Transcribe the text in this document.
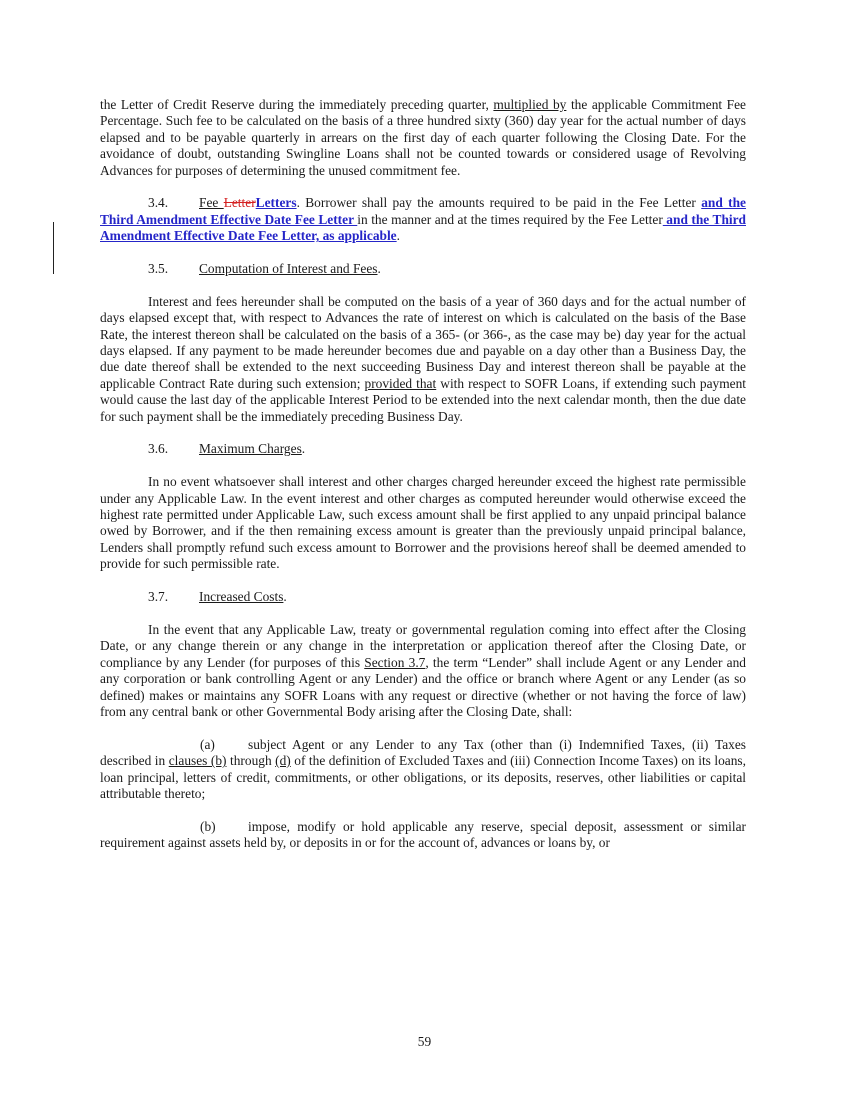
the Letter of Credit Reserve during the immediately preceding quarter, multiplied by the applicable Commitment Fee Percentage. Such fee to be calculated on the basis of a three hundred sixty (360) day year for the actual number of days elapsed and to be payable quarterly in arrears on the first day of each quarter following the Closing Date. For the avoidance of doubt, outstanding Swingline Loans shall not be counted towards or considered usage of Revolving Advances for purposes of determining the unused commitment fee.

3.4. Fee LetterLetters. Borrower shall pay the amounts required to be paid in the Fee Letter and the Third Amendment Effective Date Fee Letter in the manner and at the times required by the Fee Letter and the Third Amendment Effective Date Fee Letter, as applicable.

3.5. Computation of Interest and Fees.

Interest and fees hereunder shall be computed on the basis of a year of 360 days and for the actual number of days elapsed except that, with respect to Advances the rate of interest on which is calculated on the basis of the Base Rate, the interest thereon shall be calculated on the basis of a 365- (or 366-, as the case may be) day year for the actual days elapsed. If any payment to be made hereunder becomes due and payable on a day other than a Business Day, the due date thereof shall be extended to the next succeeding Business Day and interest thereon shall be payable at the applicable Contract Rate during such extension; provided that with respect to SOFR Loans, if extending such payment would cause the last day of the applicable Interest Period to be extended into the next calendar month, then the due date for such payment shall be the immediately preceding Business Day.

3.6. Maximum Charges.

In no event whatsoever shall interest and other charges charged hereunder exceed the highest rate permissible under any Applicable Law. In the event interest and other charges as computed hereunder would otherwise exceed the highest rate permitted under Applicable Law, such excess amount shall be first applied to any unpaid principal balance owed by Borrower, and if the then remaining excess amount is greater than the previously unpaid principal balance, Lenders shall promptly refund such excess amount to Borrower and the provisions hereof shall be deemed amended to provide for such permissible rate.

3.7. Increased Costs.

In the event that any Applicable Law, treaty or governmental regulation coming into effect after the Closing Date, or any change therein or any change in the interpretation or application thereof after the Closing Date, or compliance by any Lender (for purposes of this Section 3.7, the term “Lender” shall include Agent or any Lender and any corporation or bank controlling Agent or any Lender) and the office or branch where Agent or any Lender (as so defined) makes or maintains any SOFR Loans with any request or directive (whether or not having the force of law) from any central bank or other Governmental Body arising after the Closing Date, shall:

(a) subject Agent or any Lender to any Tax (other than (i) Indemnified Taxes, (ii) Taxes described in clauses (b) through (d) of the definition of Excluded Taxes and (iii) Connection Income Taxes) on its loans, loan principal, letters of credit, commitments, or other obligations, or its deposits, reserves, other liabilities or capital attributable thereto;

(b) impose, modify or hold applicable any reserve, special deposit, assessment or similar requirement against assets held by, or deposits in or for the account of, advances or loans by, or

59
